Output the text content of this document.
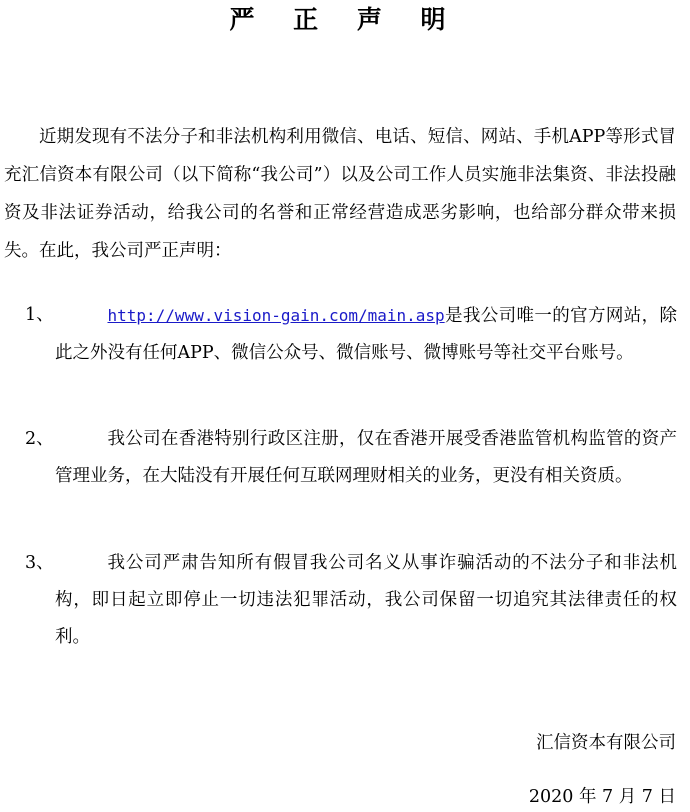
严 正 声 明
近期发现有不法分子和非法机构利用微信、电话、短信、网站、手机APP等形式冒充汇信资本有限公司（以下简称“我公司”）以及公司工作人员实施非法集资、非法投融资及非法证券活动，给我公司的名誉和正常经营造成恶劣影响，也给部分群众带来损失。在此，我公司严正声明：
1、	http://www.vision-gain.com/main.asp是我公司唯一的官方网站，除此之外没有任何APP、微信公众号、微信账号、微博账号等社交平台账号。
2、	我公司在香港特别行政区注册，仅在香港开展受香港监管机构监管的资产管理业务，在大陆没有开展任何互联网理财相关的业务，更没有相关资质。
3、	我公司严肃告知所有假冒我公司名义从事诈骗活动的不法分子和非法机构，即日起立即停止一切违法犯罪活动，我公司保留一切追究其法律责任的权利。
汇信资本有限公司
2020 年 7 月 7 日
